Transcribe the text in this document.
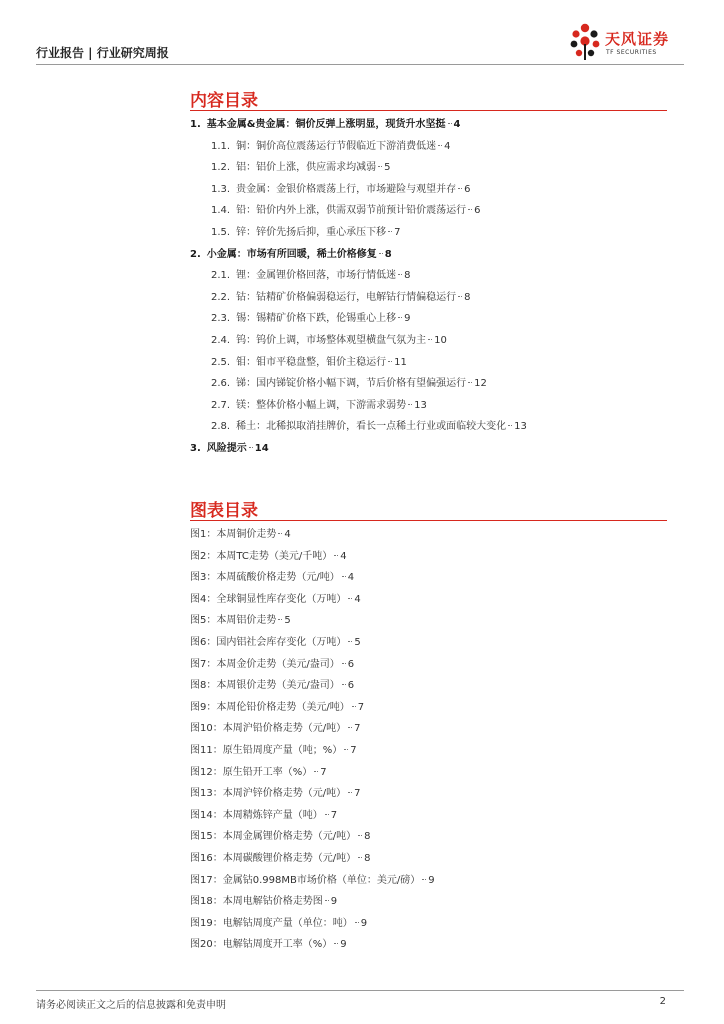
行业报告 | 行业研究周报
天风证券
TF SECURITIES
内容目录
1. 基本金属&贵金属：铜价反弹上涨明显，现货升水坚挺 4
1.1. 铜：铜价高位震荡运行节假临近下游消费低迷 4
1.2. 铝：铝价上涨，供应需求均减弱 5
1.3. 贵金属：金银价格震荡上行，市场避险与观望并存 6
1.4. 铅：铅价内外上涨，供需双弱节前预计铅价震荡运行 6
1.5. 锌：锌价先扬后抑，重心承压下移 7
2. 小金属：市场有所回暖，稀土价格修复 8
2.1. 锂：金属锂价格回落，市场行情低迷 8
2.2. 钴：钴精矿价格偏弱稳运行，电解钴行情偏稳运行 8
2.3. 锡：锡精矿价格下跌，伦锡重心上移 9
2.4. 钨：钨价上调，市场整体观望横盘气氛为主 10
2.5. 钼：钼市平稳盘整，钼价主稳运行 11
2.6. 锑：国内锑锭价格小幅下调，节后价格有望偏强运行 12
2.7. 镁：整体价格小幅上调，下游需求弱势 13
2.8. 稀土：北稀拟取消挂牌价，看长一点稀土行业或面临较大变化 13
3. 风险提示 14
图表目录
图1：本周铜价走势 4
图2：本周TC走势（美元/千吨） 4
图3：本周硫酸价格走势（元/吨） 4
图4：全球铜显性库存变化（万吨） 4
图5：本周铝价走势 5
图6：国内铝社会库存变化（万吨） 5
图7：本周金价走势（美元/盎司） 6
图8：本周银价走势（美元/盎司） 6
图9：本周伦铅价格走势（美元/吨） 7
图10：本周沪铅价格走势（元/吨） 7
图11：原生铅周度产量（吨；%） 7
图12：原生铅开工率（%） 7
图13：本周沪锌价格走势（元/吨） 7
图14：本周精炼锌产量（吨） 7
图15：本周金属锂价格走势（元/吨） 8
图16：本周碳酸锂价格走势（元/吨） 8
图17：金属钴0.998MB市场价格（单位：美元/磅） 9
图18：本周电解钴价格走势图 9
图19：电解钴周度产量（单位：吨） 9
图20：电解钴周度开工率（%） 9
请务必阅读正文之后的信息披露和免责申明	2
